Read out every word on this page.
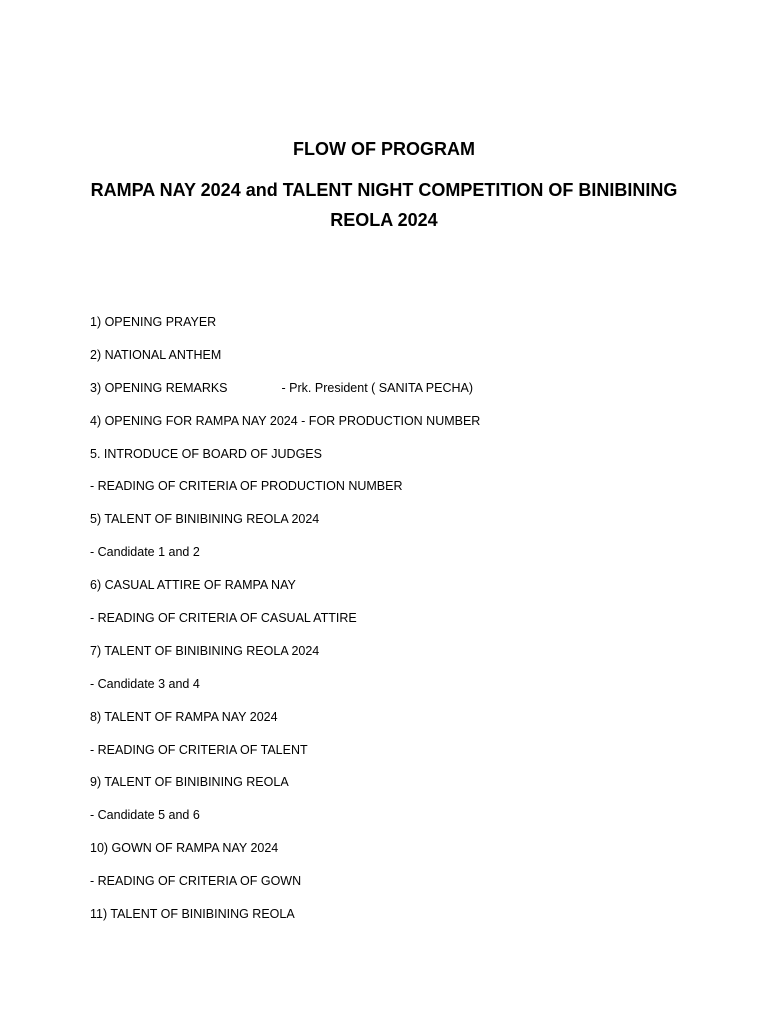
FLOW OF PROGRAM
RAMPA NAY 2024 and TALENT NIGHT COMPETITION OF BINIBINING
REOLA 2024
1) OPENING PRAYER
2) NATIONAL ANTHEM
3) OPENING REMARKS	- Prk. President ( SANITA PECHA)
4) OPENING FOR RAMPA NAY 2024 - FOR PRODUCTION NUMBER
5. INTRODUCE OF BOARD OF JUDGES
- READING OF CRITERIA OF PRODUCTION NUMBER
5) TALENT OF BINIBINING REOLA 2024
- Candidate 1 and 2
6) CASUAL ATTIRE OF RAMPA NAY
- READING OF CRITERIA OF CASUAL ATTIRE
7) TALENT OF BINIBINING REOLA 2024
- Candidate 3 and 4
8) TALENT OF RAMPA NAY 2024
- READING OF CRITERIA OF TALENT
9) TALENT OF BINIBINING REOLA
- Candidate 5 and 6
10) GOWN OF RAMPA NAY 2024
- READING OF CRITERIA OF GOWN
11) TALENT OF BINIBINING REOLA
